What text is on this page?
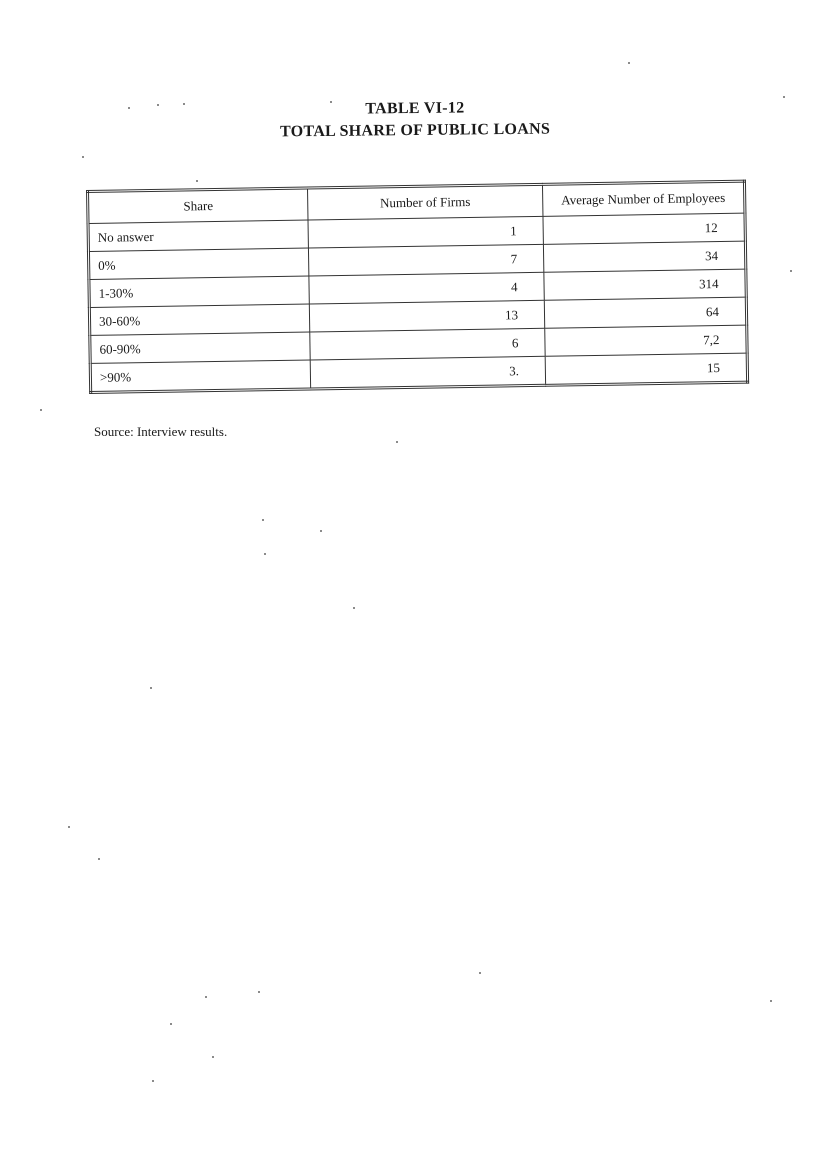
TABLE VI-12
TOTAL SHARE OF PUBLIC LOANS
Share	Number of Firms	Average Number of Employees
No answer	1	12
0%	7	34
1-30%	4	314
30-60%	13	64
60-90%	6	7,2
>90%	3.	15
Source: Interview results.
